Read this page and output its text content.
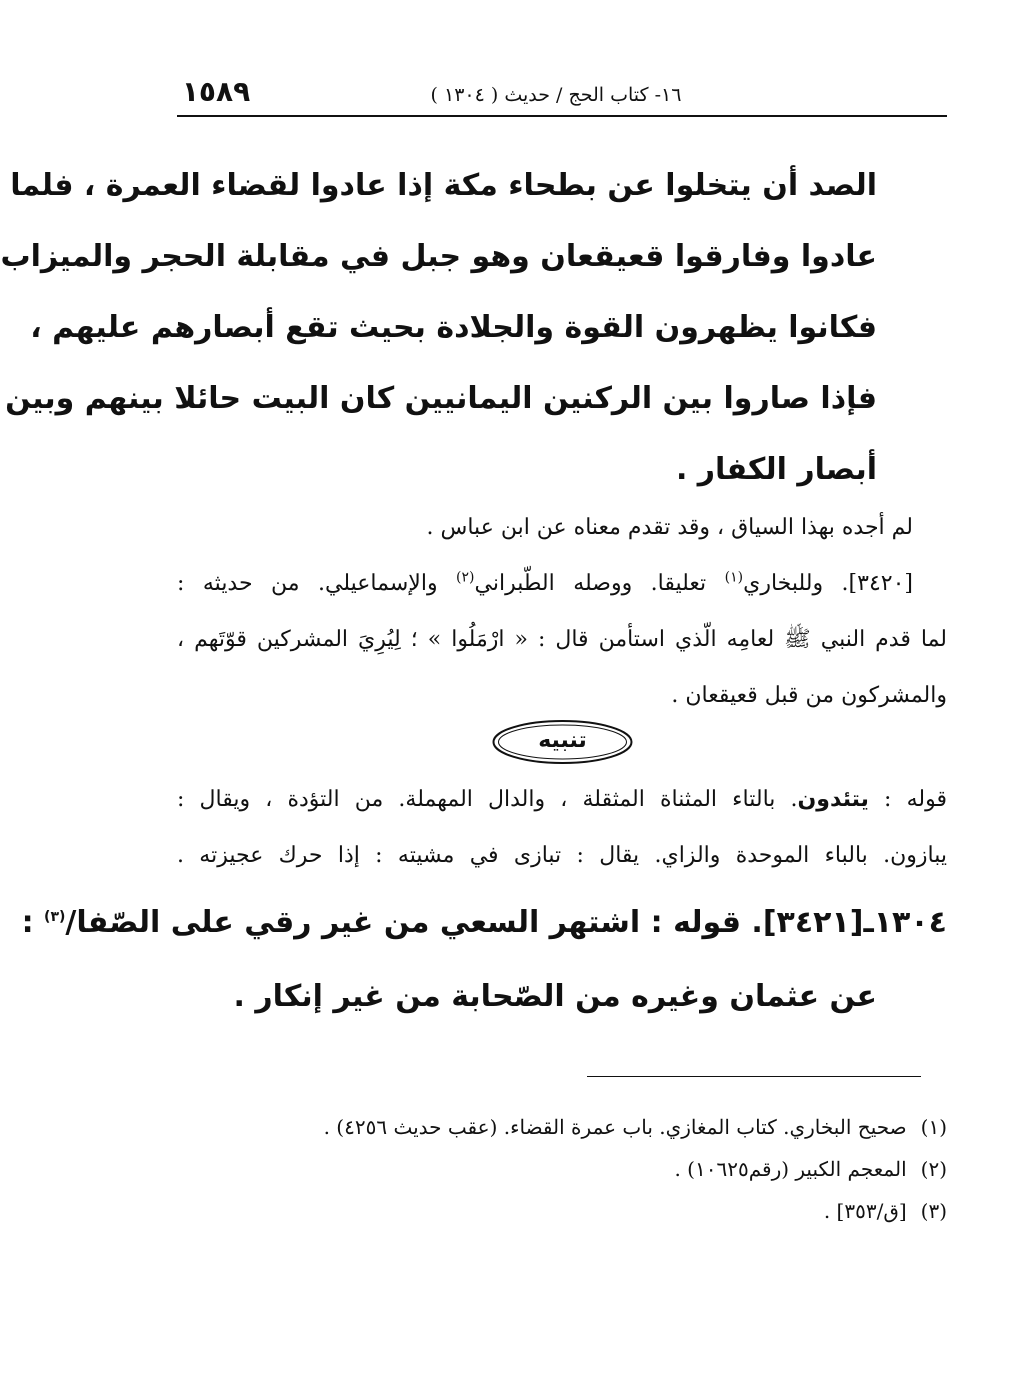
١٥٨٩	١٦- كتاب الحج / حديث ( ١٣٠٤ )
الصد أن يتخلوا عن بطحاء مكة إذا عادوا لقضاء العمرة ، فلما
عادوا وفارقوا قعيقعان وهو جبل في مقابلة الحجر والميزاب
فكانوا يظهرون القوة والجلادة بحيث تقع أبصارهم عليهم ،
فإذا صاروا بين الركنين اليمانيين كان البيت حائلا بينهم وبين
أبصار الكفار .
لم أجده بهذا السياق ، وقد تقدم معناه عن ابن عباس .
[٣٤٢٠]. وللبخاري$^{(١)}$ تعليقا. ووصله الطّبراني$^{(٢)}$ والإسماعيلي. من حديثه :
لما قدم النبي ﷺ لعامِه الّذي استأمن قال : « ارْمَلُوا » ؛ لِيُرِيَ المشركين قوّتَهم ،
والمشركون من قبل قعيقعان .
تنبيه
قوله : يتئدون. بالتاء المثناة المثقلة ، والدال المهملة. من التؤدة ، ويقال :
يبازون. بالباء الموحدة والزاي. يقال : تبازى في مشيته : إذا حرك عجيزته .
١٣٠٤ـ[٣٤٢١]. قوله : اشتهر السعي من غير رقي على الصّفا/$^{(٣)}$ :
عن عثمان وغيره من الصّحابة من غير إنكار .
(١) صحيح البخاري. كتاب المغازي. باب عمرة القضاء. (عقب حديث ٤٢٥٦) .
(٢) المعجم الكبير (رقم١٠٦٢٥) .
(٣) [ق/٣٥٣] .
